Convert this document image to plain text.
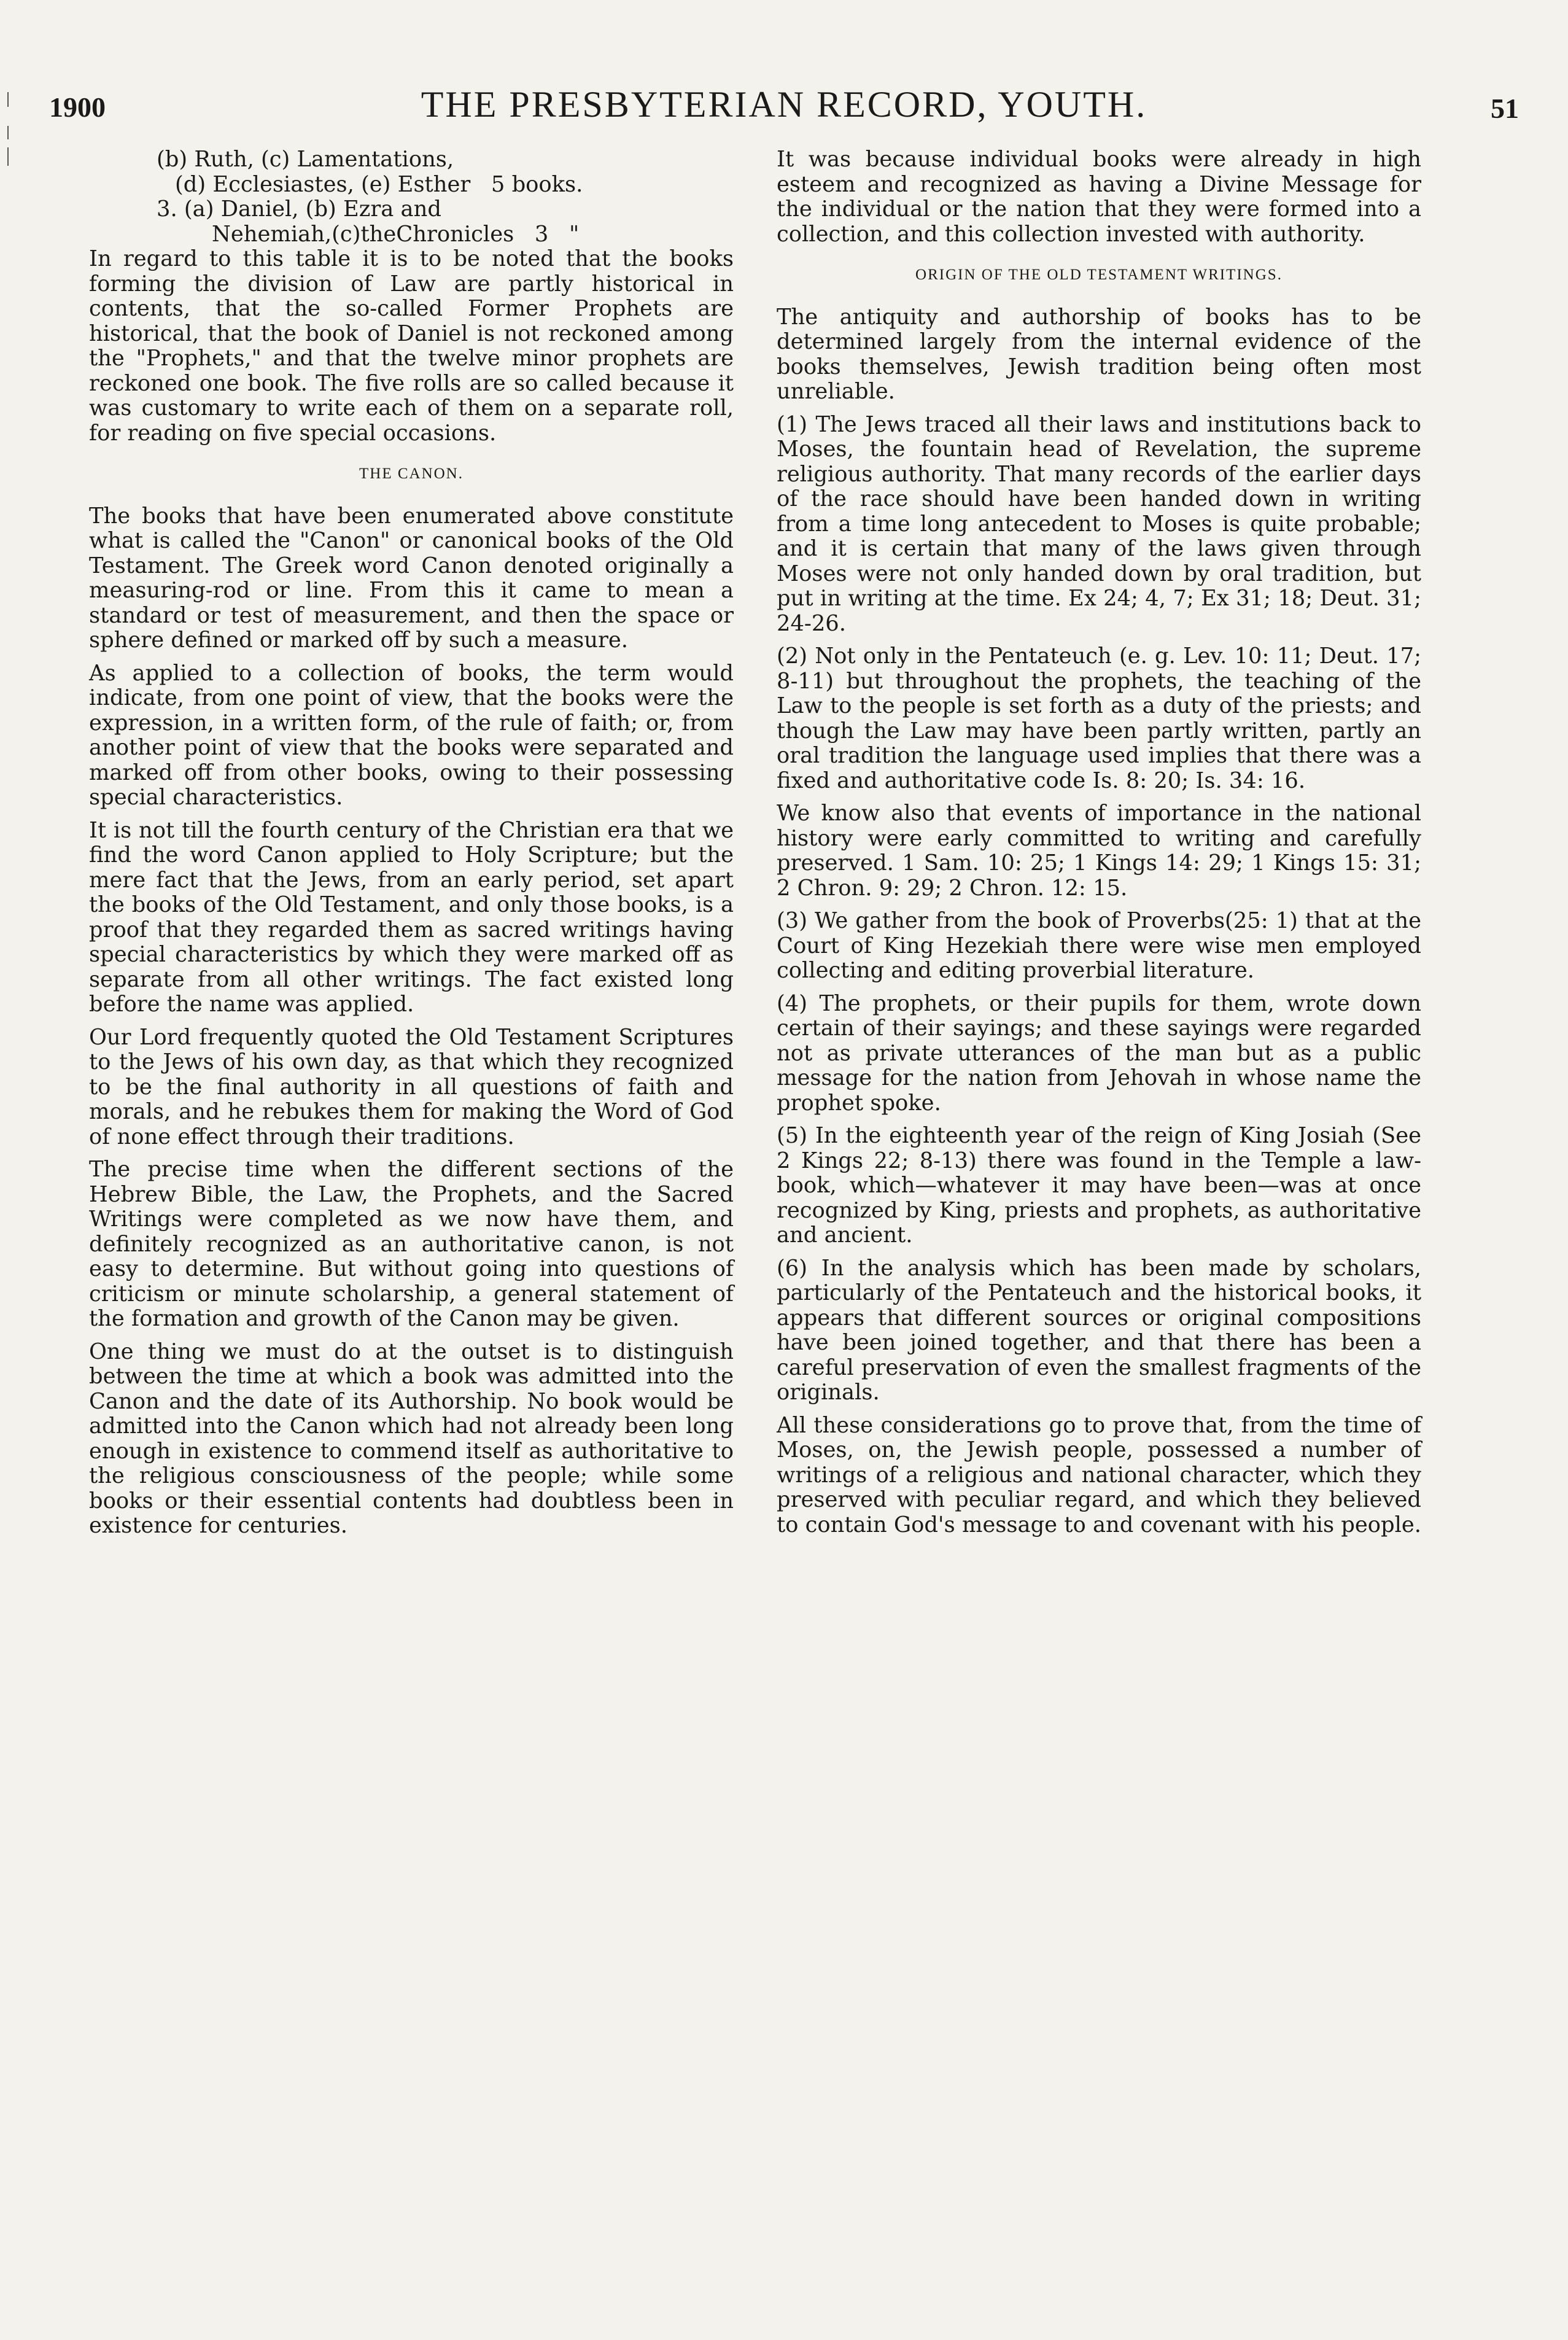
1900	THE PRESBYTERIAN RECORD, YOUTH.	51
(b) Ruth, (c) Lamentations,
(d) Ecclesiastes, (e) Esther   5 books.
3. (a) Daniel, (b) Ezra and
Nehemiah,(c)theChronicles   3   "

In regard to this table it is to be noted that the books forming the division of Law are partly historical in contents, that the so-called Former Prophets are historical, that the book of Daniel is not reckoned among the "Prophets," and that the twelve minor prophets are reckoned one book. The five rolls are so called because it was customary to write each of them on a separate roll, for reading on five special occasions.

THE CANON.

The books that have been enumerated above constitute what is called the "Canon" or canonical books of the Old Testament. The Greek word Canon denoted originally a measuring-rod or line. From this it came to mean a standard or test of measurement, and then the space or sphere defined or marked off by such a measure.

As applied to a collection of books, the term would indicate, from one point of view, that the books were the expression, in a written form, of the rule of faith; or, from another point of view that the books were separated and marked off from other books, owing to their possessing special characteristics.

It is not till the fourth century of the Christian era that we find the word Canon applied to Holy Scripture; but the mere fact that the Jews, from an early period, set apart the books of the Old Testament, and only those books, is a proof that they regarded them as sacred writings having special characteristics by which they were marked off as separate from all other writings. The fact existed long before the name was applied.

Our Lord frequently quoted the Old Testament Scriptures to the Jews of his own day, as that which they recognized to be the final authority in all questions of faith and morals, and he rebukes them for making the Word of God of none effect through their traditions.

The precise time when the different sections of the Hebrew Bible, the Law, the Prophets, and the Sacred Writings were completed as we now have them, and definitely recognized as an authoritative canon, is not easy to determine. But without going into questions of criticism or minute scholarship, a general statement of the formation and growth of the Canon may be given.

One thing we must do at the outset is to distinguish between the time at which a book was admitted into the Canon and the date of its Authorship. No book would be admitted into the Canon which had not already been long enough in existence to commend itself as authoritative to the religious consciousness of the people; while some books or their essential contents had doubtless been in existence for centuries.

It was because individual books were already in high esteem and recognized as having a Divine Message for the individual or the nation that they were formed into a collection, and this collection invested with authority.

ORIGIN OF THE OLD TESTAMENT WRITINGS.

The antiquity and authorship of books has to be determined largely from the internal evidence of the books themselves, Jewish tradition being often most unreliable.

(1) The Jews traced all their laws and institutions back to Moses, the fountain head of Revelation, the supreme religious authority. That many records of the earlier days of the race should have been handed down in writing from a time long antecedent to Moses is quite probable; and it is certain that many of the laws given through Moses were not only handed down by oral tradition, but put in writing at the time. Ex 24; 4, 7; Ex 31; 18; Deut. 31; 24-26.

(2) Not only in the Pentateuch (e. g. Lev. 10: 11; Deut. 17; 8-11) but throughout the prophets, the teaching of the Law to the people is set forth as a duty of the priests; and though the Law may have been partly written, partly an oral tradition the language used implies that there was a fixed and authoritative code Is. 8: 20; Is. 34: 16.

We know also that events of importance in the national history were early committed to writing and carefully preserved. 1 Sam. 10: 25; 1 Kings 14: 29; 1 Kings 15: 31; 2 Chron. 9: 29; 2 Chron. 12: 15.

(3) We gather from the book of Proverbs(25: 1) that at the Court of King Hezekiah there were wise men employed collecting and editing proverbial literature.

(4) The prophets, or their pupils for them, wrote down certain of their sayings; and these sayings were regarded not as private utterances of the man but as a public message for the nation from Jehovah in whose name the prophet spoke.

(5) In the eighteenth year of the reign of King Josiah (See 2 Kings 22; 8-13) there was found in the Temple a law-book, which—whatever it may have been—was at once recognized by King, priests and prophets, as authoritative and ancient.

(6) In the analysis which has been made by scholars, particularly of the Pentateuch and the historical books, it appears that different sources or original compositions have been joined together, and that there has been a careful preservation of even the smallest fragments of the originals.

All these considerations go to prove that, from the time of Moses, on, the Jewish people, possessed a number of writings of a religious and national character, which they preserved with peculiar regard, and which they believed to contain God's message to and covenant with his people.
